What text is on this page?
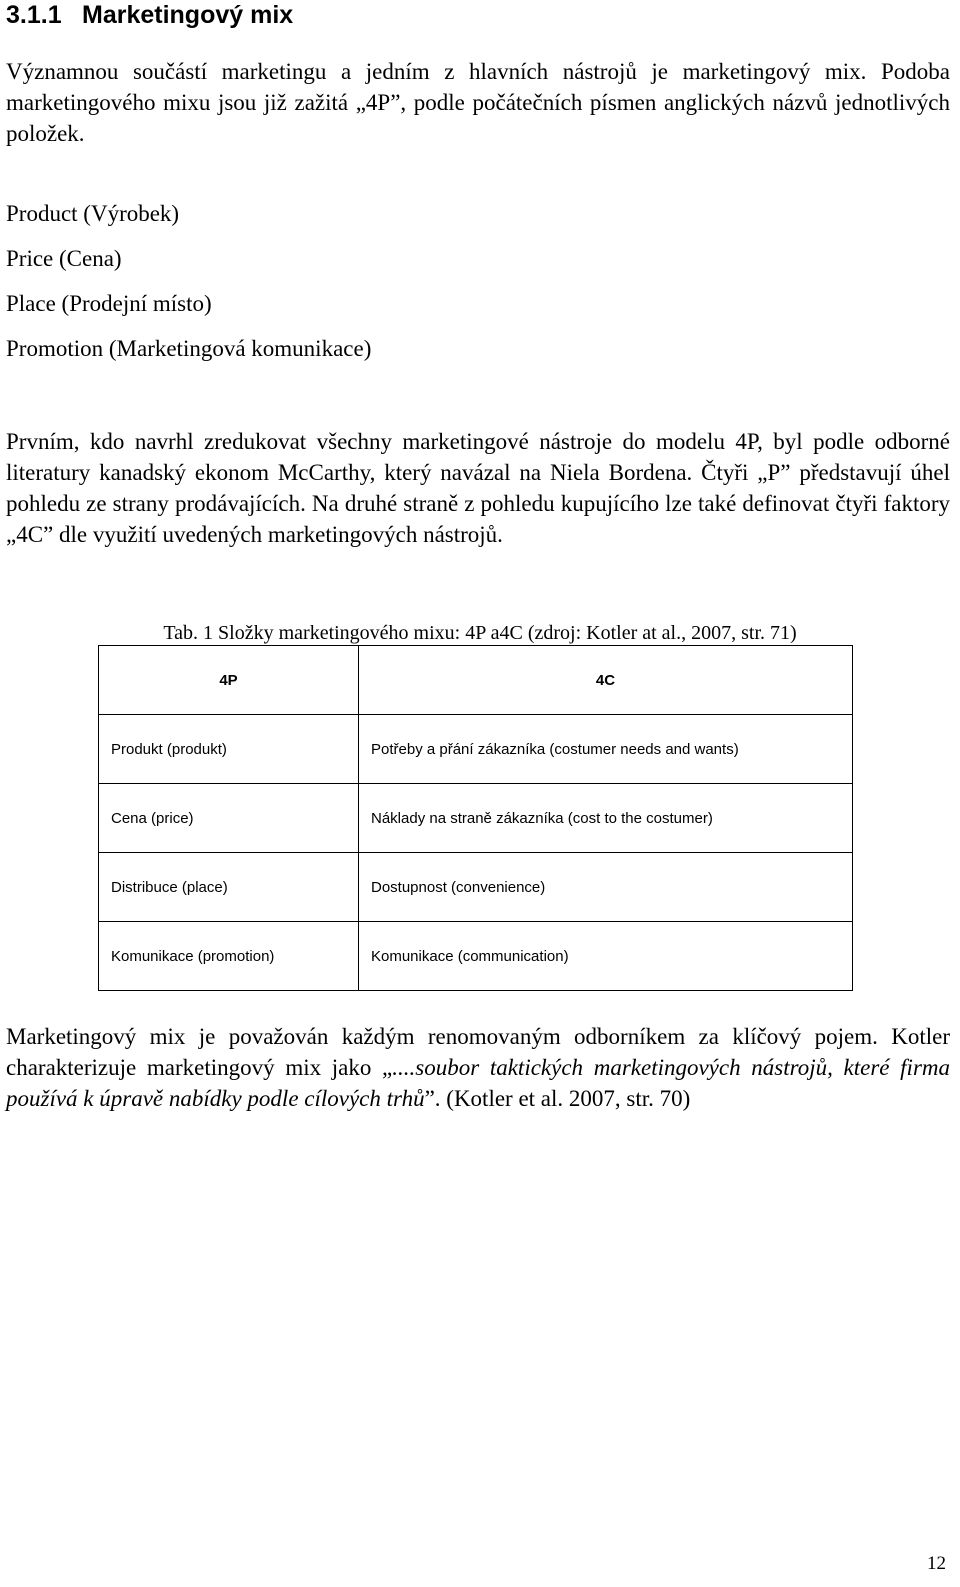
3.1.1 Marketingový mix
Významnou součástí marketingu a jedním z hlavních nástrojů je marketingový mix. Podoba marketingového mixu jsou již zažitá „4P”, podle počátečních písmen anglických názvů jednotlivých položek.
Product (Výrobek)
Price (Cena)
Place (Prodejní místo)
Promotion (Marketingová komunikace)
Prvním, kdo navrhl zredukovat všechny marketingové nástroje do modelu 4P, byl podle odborné literatury kanadský ekonom McCarthy, který navázal na Niela Bordena. Čtyři „P” představují úhel pohledu ze strany prodávajících. Na druhé straně z pohledu kupujícího lze také definovat čtyři faktory „4C” dle využití uvedených marketingových nástrojů.
Tab. 1 Složky marketingového mixu: 4P a4C (zdroj: Kotler at al., 2007, str. 71)
4P	4C
Produkt (produkt)	Potřeby a přání zákazníka (costumer needs and wants)
Cena (price)	Náklady na straně zákazníka (cost to the costumer)
Distribuce (place)	Dostupnost (convenience)
Komunikace (promotion)	Komunikace (communication)
Marketingový mix je považován každým renomovaným odborníkem za klíčový pojem. Kotler charakterizuje marketingový mix jako „....soubor taktických marketingových nástrojů, které firma používá k úpravě nabídky podle cílových trhů”. (Kotler et al. 2007, str. 70)
12
